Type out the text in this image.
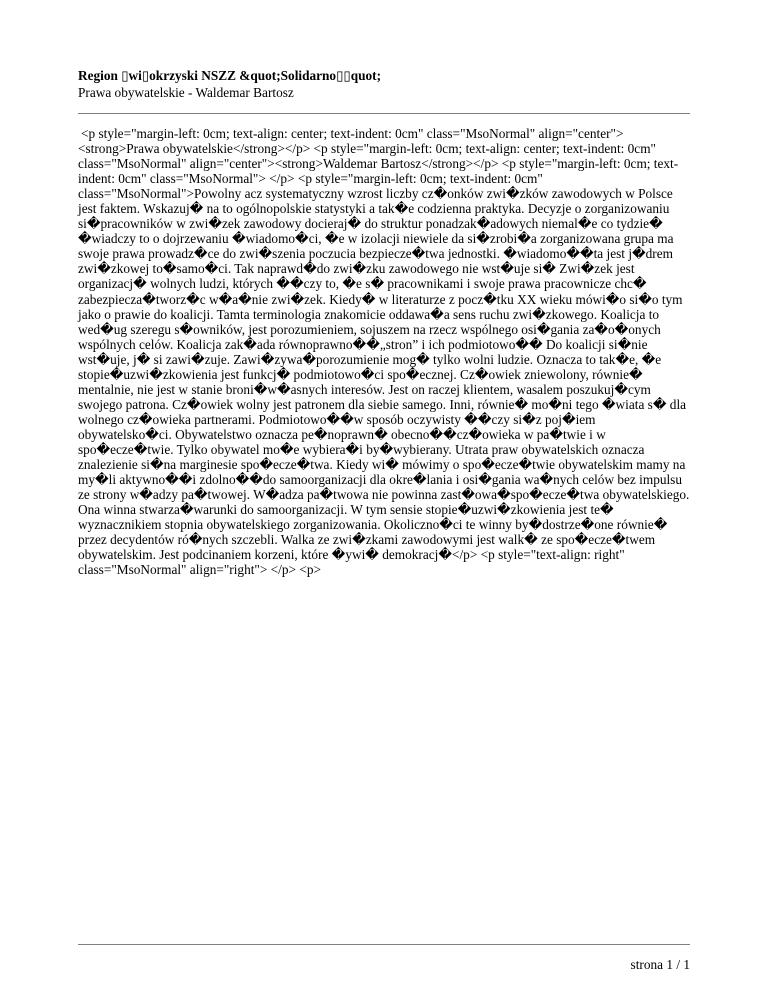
Region ▯wi▯okrzyski NSZZ &quot;Solidarno▯▯quot;
Prawa obywatelskie - Waldemar Bartosz
<p style="margin-left: 0cm; text-align: center; text-indent: 0cm" class="MsoNormal" align="center"><strong>Prawa obywatelskie</strong></p> <p style="margin-left: 0cm; text-align: center; text-indent: 0cm" class="MsoNormal" align="center"><strong>Waldemar Bartosz</strong></p> <p style="margin-left: 0cm; text-indent: 0cm" class="MsoNormal"> </p> <p style="margin-left: 0cm; text-indent: 0cm" class="MsoNormal">Powolny acz systematyczny wzrost liczby cz�onków zwi�zków zawodowych w Polsce jest faktem. Wskazuj� na to ogólnopolskie statystyki a tak�e codzienna praktyka. Decyzje o zorganizowaniu si�pracowników w zwi�zek zawodowy docieraj� do struktur ponadzak�adowych niemal�e co tydzie� �wiadczy to o dojrzewaniu �wiadomo�ci, �e w izolacji niewiele da si�zrobi�a zorganizowana grupa ma swoje prawa prowadz�ce do zwi�szenia poczucia bezpiecze�twa jednostki. �wiadomo��ta jest j�drem zwi�zkowej to�samo�ci. Tak naprawd�do zwi�zku zawodowego nie wst�uje si� Zwi�zek jest organizacj� wolnych ludzi, których ��czy to, �e s� pracownikami i swoje prawa pracownicze chc� zabezpiecza�tworz�c w�a�nie zwi�zek. Kiedy� w literaturze z pocz�tku XX wieku mówi�o si�o tym jako o prawie do koalicji. Tamta terminologia znakomicie oddawa�a sens ruchu zwi�zkowego. Koalicja to wed�ug szeregu s�owników, jest porozumieniem, sojuszem na rzecz wspólnego osi�gania za�o�onych wspólnych celów. Koalicja zak�ada równoprawno��„stron” i ich podmiotowo�� Do koalicji si�nie wst�uje, j� si zawi�zuje. Zawi�zywa�porozumienie mog� tylko wolni ludzie. Oznacza to tak�e, �e stopie�uzwi�zkowienia jest funkcj� podmiotowo�ci spo�ecznej. Cz�owiek zniewolony, równie� mentalnie, nie jest w stanie broni�w�asnych interesów. Jest on raczej klientem, wasalem poszukuj�cym swojego patrona. Cz�owiek wolny jest patronem dla siebie samego. Inni, równie� mo�ni tego �wiata s� dla wolnego cz�owieka partnerami. Podmiotowo��w sposób oczywisty ��czy si�z poj�iem obywatelsko�ci. Obywatelstwo oznacza pe�noprawn� obecno��cz�owieka w pa�twie i w spo�ecze�twie. Tylko obywatel mo�e wybiera�i by�wybierany. Utrata praw obywatelskich oznacza znalezienie si�na marginesie spo�ecze�twa. Kiedy wi� mówimy o spo�ecze�twie obywatelskim mamy na my�li aktywno��i zdolno��do samoorganizacji dla okre�lania i osi�gania wa�nych celów bez impulsu ze strony w�adzy pa�twowej. W�adza pa�twowa nie powinna zast�owa�spo�ecze�twa obywatelskiego. Ona winna stwarza�warunki do samoorganizacji. W tym sensie stopie�uzwi�zkowienia jest te� wyznacznikiem stopnia obywatelskiego zorganizowania. Okoliczno�ci te winny by�dostrze�one równie� przez decydentów ró�nych szczebli. Walka ze zwi�zkami zawodowymi jest walk� ze spo�ecze�twem obywatelskim. Jest podcinaniem korzeni, które �ywi� demokracj�</p> <p style="text-align: right" class="MsoNormal" align="right"> </p> <p>
strona 1 / 1
